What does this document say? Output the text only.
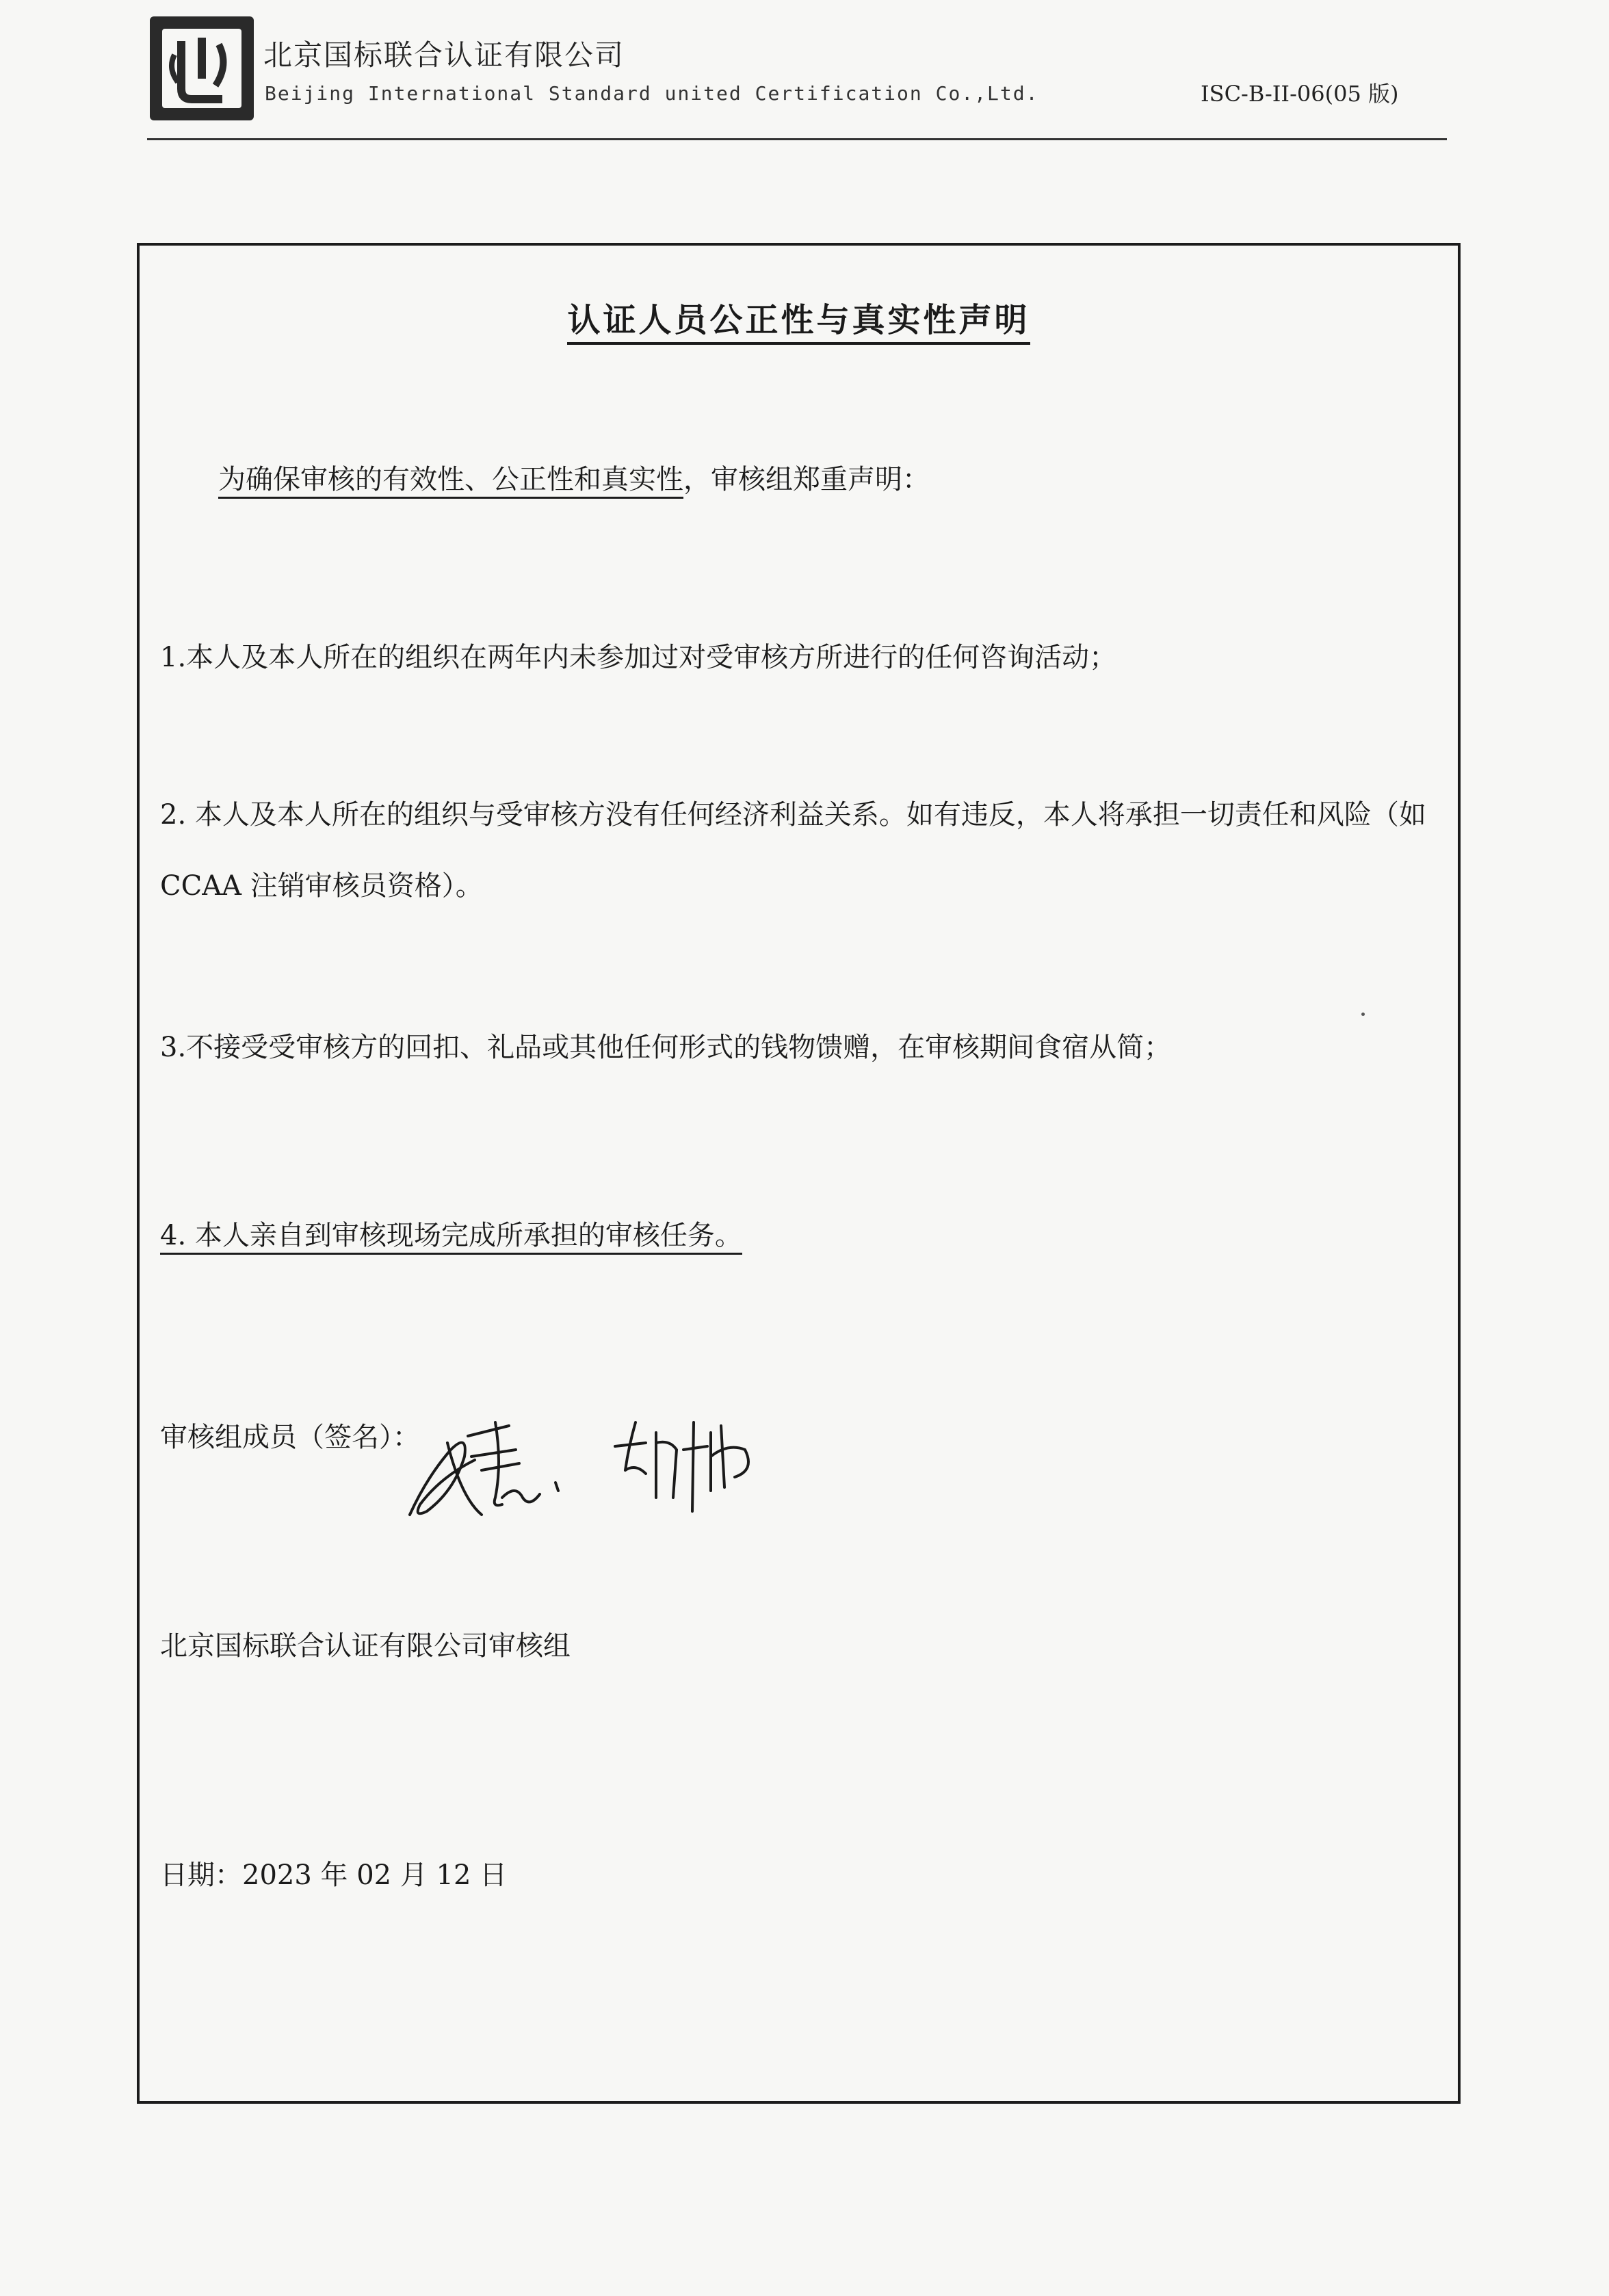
北京国标联合认证有限公司
Beijing International Standard united Certification Co.,Ltd.	ISC-B-II-06(05 版)
认证人员公正性与真实性声明
为确保审核的有效性、公正性和真实性，审核组郑重声明：
1.本人及本人所在的组织在两年内未参加过对受审核方所进行的任何咨询活动；
2. 本人及本人所在的组织与受审核方没有任何经济利益关系。如有违反，本人将承担一切责任和风险（如 CCAA 注销审核员资格）。
3.不接受受审核方的回扣、礼品或其他任何形式的钱物馈赠，在审核期间食宿从简；
4. 本人亲自到审核现场完成所承担的审核任务。
审核组成员（签名）：
北京国标联合认证有限公司审核组
日期：2023 年 02 月 12 日
